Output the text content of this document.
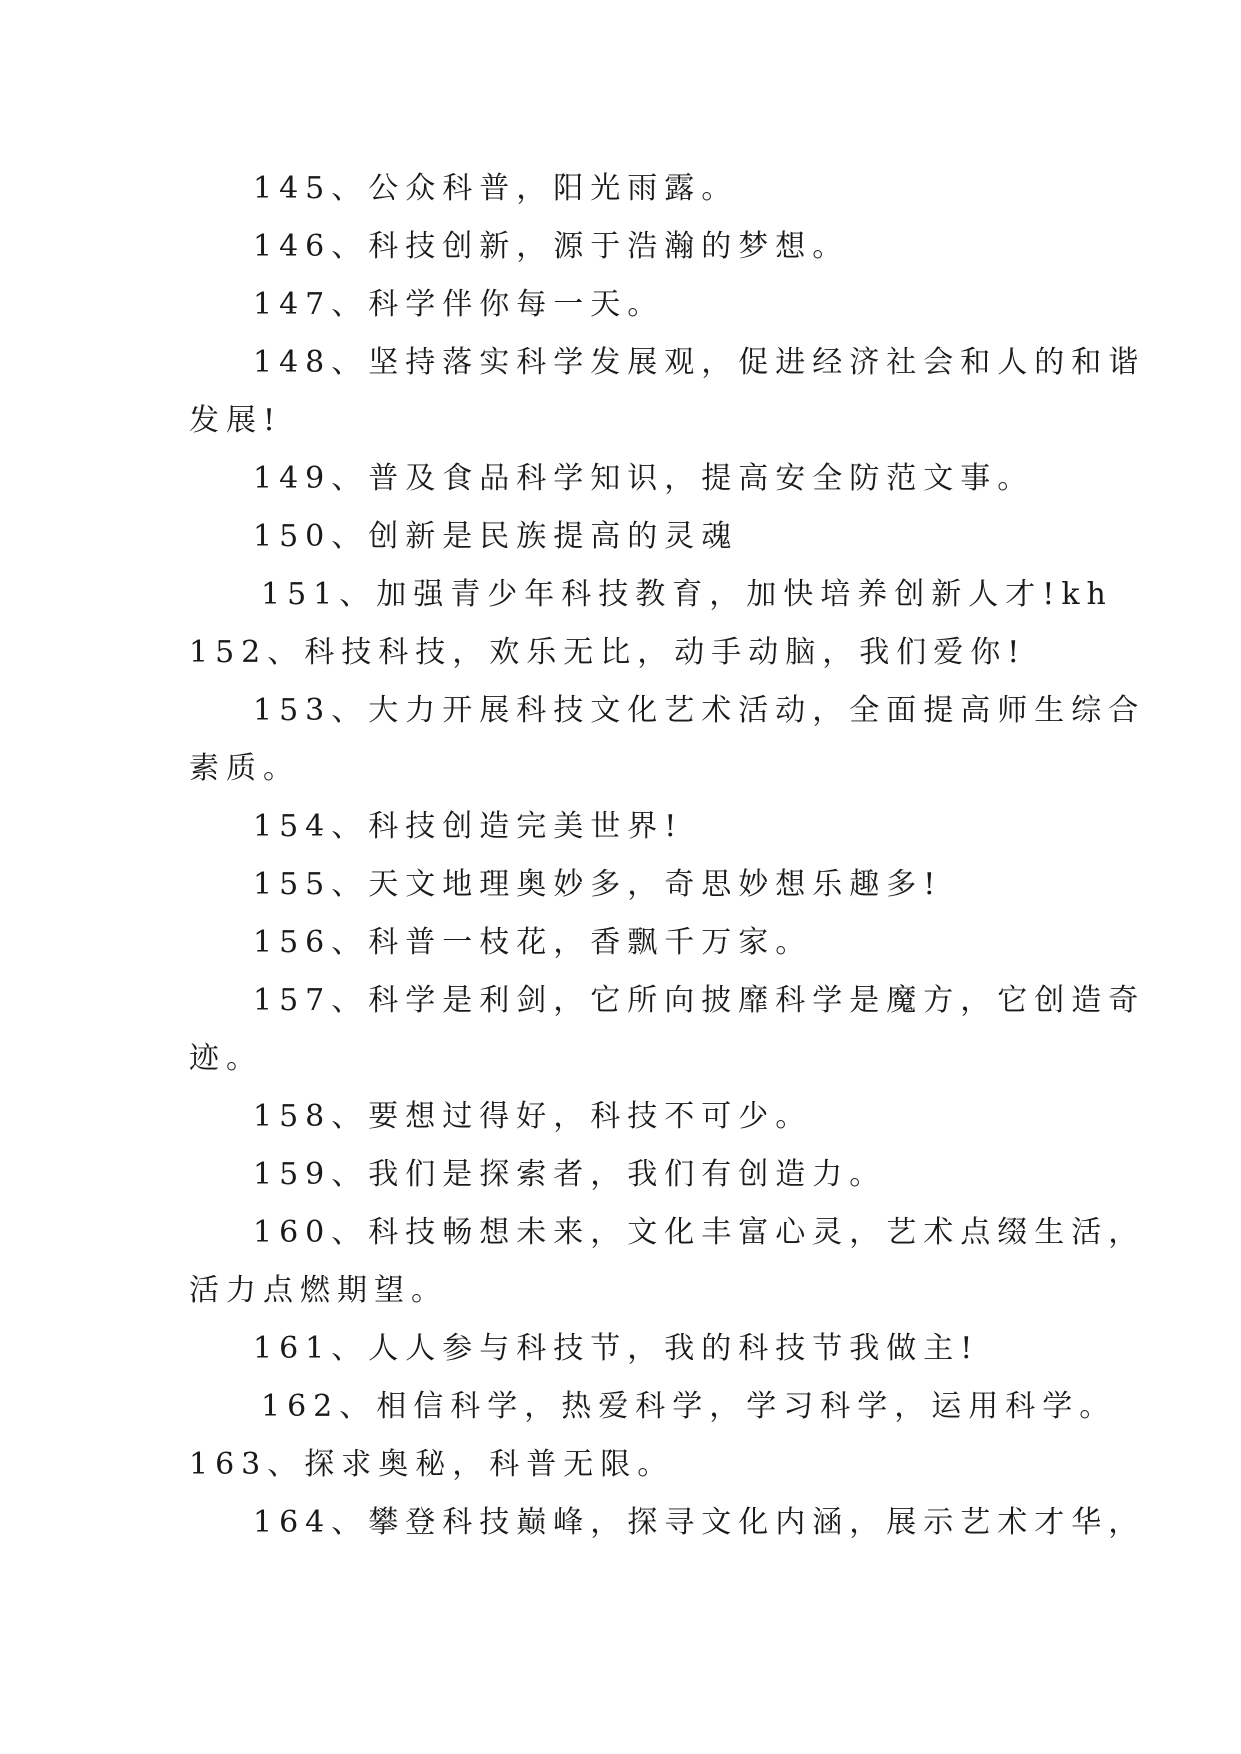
145、公众科普，阳光雨露。
146、科技创新，源于浩瀚的梦想。
147、科学伴你每一天。
148、坚持落实科学发展观，促进经济社会和人的和谐
发展!
149、普及食品科学知识，提高安全防范文事。
150、创新是民族提高的灵魂
151、加强青少年科技教育，加快培养创新人才!kh
152、科技科技，欢乐无比，动手动脑，我们爱你!
153、大力开展科技文化艺术活动，全面提高师生综合
素质。
154、科技创造完美世界!
155、天文地理奥妙多，奇思妙想乐趣多!
156、科普一枝花，香飘千万家。
157、科学是利剑，它所向披靡科学是魔方，它创造奇
迹。
158、要想过得好，科技不可少。
159、我们是探索者，我们有创造力。
160、科技畅想未来，文化丰富心灵，艺术点缀生活，
活力点燃期望。
161、人人参与科技节，我的科技节我做主!
162、相信科学，热爱科学，学习科学，运用科学。
163、探求奥秘，科普无限。
164、攀登科技巅峰，探寻文化内涵，展示艺术才华，
